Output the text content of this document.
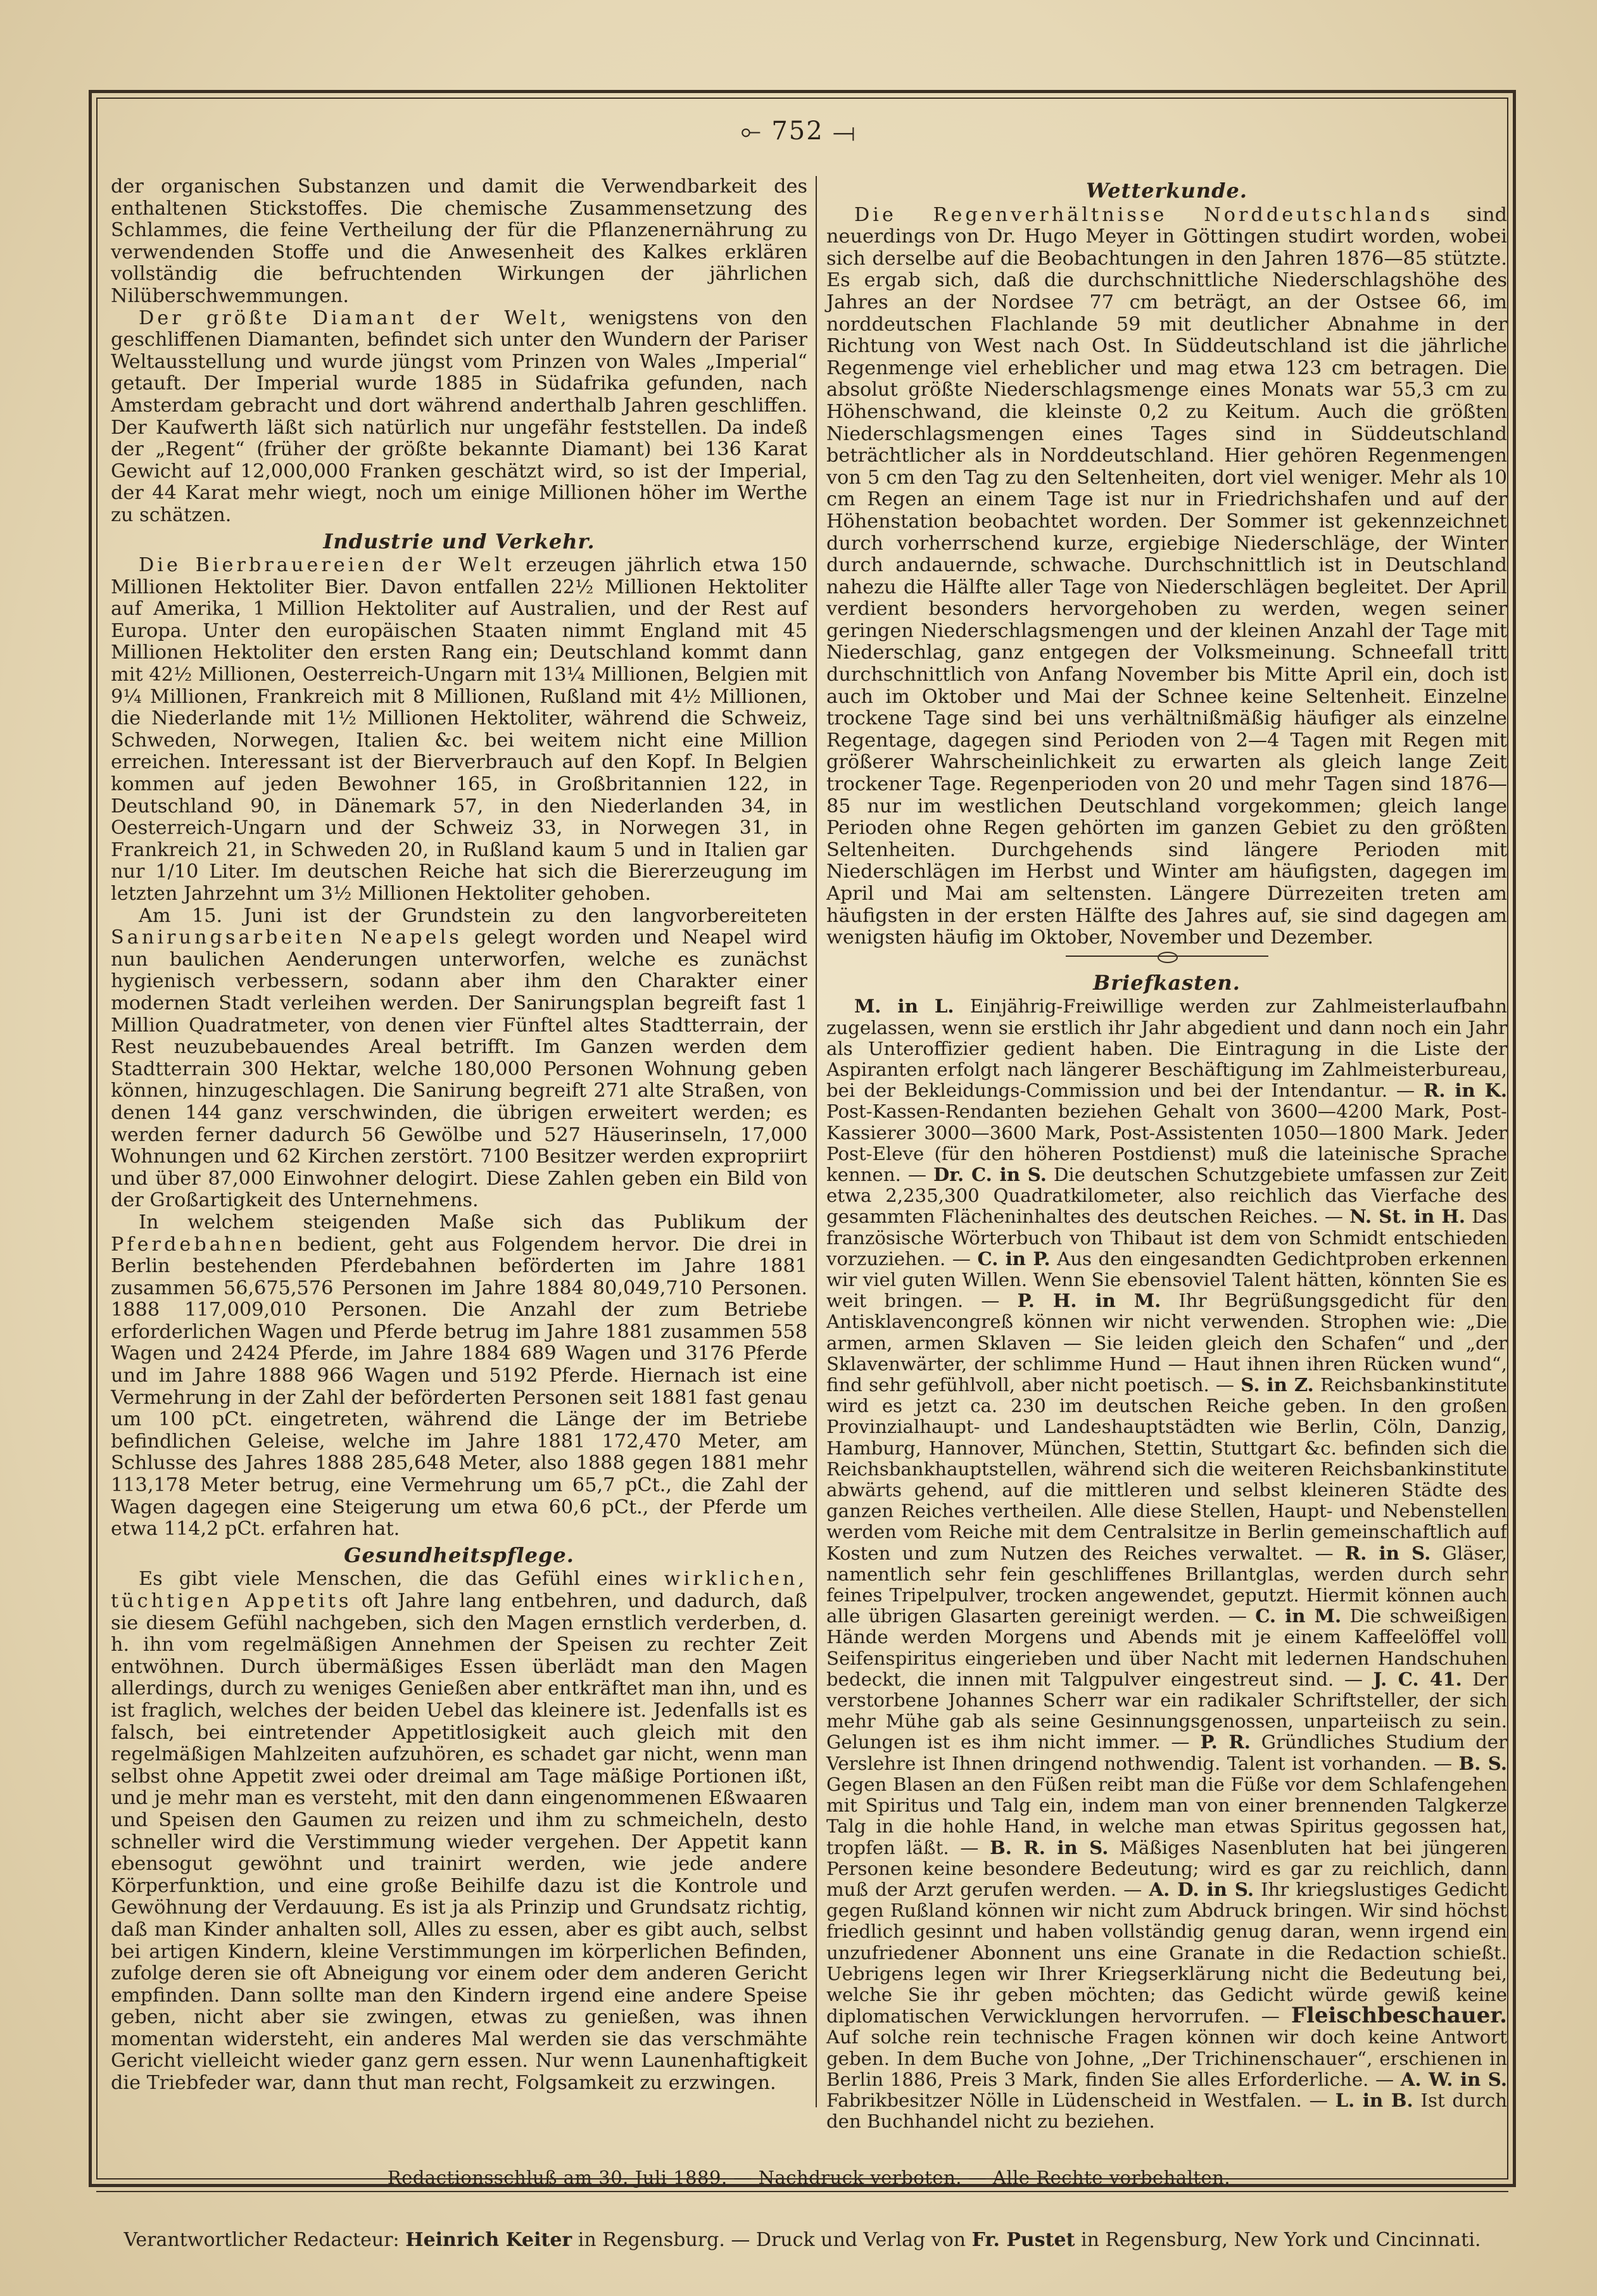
⟜ 752 ⟞

der organischen Substanzen und damit die Verwendbarkeit des enthaltenen Stickstoffes. Die chemische Zusammensetzung des Schlammes, die feine Vertheilung der für die Pflanzenernährung zu verwendenden Stoffe und die Anwesenheit des Kalkes erklären vollständig die befruchtenden Wirkungen der jährlichen Nilüberschwemmungen.

Der größte Diamant der Welt, wenigstens von den geschliffenen Diamanten, befindet sich unter den Wundern der Pariser Weltausstellung und wurde jüngst vom Prinzen von Wales „Imperial“ getauft. Der Imperial wurde 1885 in Südafrika gefunden, nach Amsterdam gebracht und dort während anderthalb Jahren geschliffen. Der Kaufwerth läßt sich natürlich nur ungefähr feststellen. Da indeß der „Regent“ (früher der größte bekannte Diamant) bei 136 Karat Gewicht auf 12,000,000 Franken geschätzt wird, so ist der Imperial, der 44 Karat mehr wiegt, noch um einige Millionen höher im Werthe zu schätzen.

Industrie und Verkehr.

Die Bierbrauereien der Welt erzeugen jährlich etwa 150 Millionen Hektoliter Bier. Davon entfallen 22½ Millionen Hektoliter auf Amerika, 1 Million Hektoliter auf Australien, und der Rest auf Europa. Unter den europäischen Staaten nimmt England mit 45 Millionen Hektoliter den ersten Rang ein; Deutschland kommt dann mit 42½ Millionen, Oesterreich-Ungarn mit 13¼ Millionen, Belgien mit 9¼ Millionen, Frankreich mit 8 Millionen, Rußland mit 4½ Millionen, die Niederlande mit 1½ Millionen Hektoliter, während die Schweiz, Schweden, Norwegen, Italien &c. bei weitem nicht eine Million erreichen. Interessant ist der Bierverbrauch auf den Kopf. In Belgien kommen auf jeden Bewohner 165, in Großbritannien 122, in Deutschland 90, in Dänemark 57, in den Niederlanden 34, in Oesterreich-Ungarn und der Schweiz 33, in Norwegen 31, in Frankreich 21, in Schweden 20, in Rußland kaum 5 und in Italien gar nur 1/10 Liter. Im deutschen Reiche hat sich die Biererzeugung im letzten Jahrzehnt um 3½ Millionen Hektoliter gehoben.

Am 15. Juni ist der Grundstein zu den langvorbereiteten Sanirungsarbeiten Neapels gelegt worden und Neapel wird nun baulichen Aenderungen unterworfen, welche es zunächst hygienisch verbessern, sodann aber ihm den Charakter einer modernen Stadt verleihen werden. Der Sanirungsplan begreift fast 1 Million Quadratmeter, von denen vier Fünftel altes Stadtterrain, der Rest neuzubebauendes Areal betrifft. Im Ganzen werden dem Stadtterrain 300 Hektar, welche 180,000 Personen Wohnung geben können, hinzugeschlagen. Die Sanirung begreift 271 alte Straßen, von denen 144 ganz verschwinden, die übrigen erweitert werden; es werden ferner dadurch 56 Gewölbe und 527 Häuserinseln, 17,000 Wohnungen und 62 Kirchen zerstört. 7100 Besitzer werden expropriirt und über 87,000 Einwohner delogirt. Diese Zahlen geben ein Bild von der Großartigkeit des Unternehmens.

In welchem steigenden Maße sich das Publikum der Pferdebahnen bedient, geht aus Folgendem hervor. Die drei in Berlin bestehenden Pferdebahnen beförderten im Jahre 1881 zusammen 56,675,576 Personen im Jahre 1884 80,049,710 Personen. 1888 117,009,010 Personen. Die Anzahl der zum Betriebe erforderlichen Wagen und Pferde betrug im Jahre 1881 zusammen 558 Wagen und 2424 Pferde, im Jahre 1884 689 Wagen und 3176 Pferde und im Jahre 1888 966 Wagen und 5192 Pferde. Hiernach ist eine Vermehrung in der Zahl der beförderten Personen seit 1881 fast genau um 100 pCt. eingetreten, während die Länge der im Betriebe befindlichen Geleise, welche im Jahre 1881 172,470 Meter, am Schlusse des Jahres 1888 285,648 Meter, also 1888 gegen 1881 mehr 113,178 Meter betrug, eine Vermehrung um 65,7 pCt., die Zahl der Wagen dagegen eine Steigerung um etwa 60,6 pCt., der Pferde um etwa 114,2 pCt. erfahren hat.

Gesundheitspflege.

Es gibt viele Menschen, die das Gefühl eines wirklichen, tüchtigen Appetits oft Jahre lang entbehren, und dadurch, daß sie diesem Gefühl nachgeben, sich den Magen ernstlich verderben, d. h. ihn vom regelmäßigen Annehmen der Speisen zu rechter Zeit entwöhnen. Durch übermäßiges Essen überlädt man den Magen allerdings, durch zu weniges Genießen aber entkräftet man ihn, und es ist fraglich, welches der beiden Uebel das kleinere ist. Jedenfalls ist es falsch, bei eintretender Appetitlosigkeit auch gleich mit den regelmäßigen Mahlzeiten aufzuhören, es schadet gar nicht, wenn man selbst ohne Appetit zwei oder dreimal am Tage mäßige Portionen ißt, und je mehr man es versteht, mit den dann eingenommenen Eßwaaren und Speisen den Gaumen zu reizen und ihm zu schmeicheln, desto schneller wird die Verstimmung wieder vergehen. Der Appetit kann ebensogut gewöhnt und trainirt werden, wie jede andere Körperfunktion, und eine große Beihilfe dazu ist die Kontrole und Gewöhnung der Verdauung. Es ist ja als Prinzip und Grundsatz richtig, daß man Kinder anhalten soll, Alles zu essen, aber es gibt auch, selbst bei artigen Kindern, kleine Verstimmungen im körperlichen Befinden, zufolge deren sie oft Abneigung vor einem oder dem anderen Gericht empfinden. Dann sollte man den Kindern irgend eine andere Speise geben, nicht aber sie zwingen, etwas zu genießen, was ihnen momentan widersteht, ein anderes Mal werden sie das verschmähte Gericht vielleicht wieder ganz gern essen. Nur wenn Launenhaftigkeit die Triebfeder war, dann thut man recht, Folgsamkeit zu erzwingen.

Wetterkunde.

Die Regenverhältnisse Norddeutschlands sind neuerdings von Dr. Hugo Meyer in Göttingen studirt worden, wobei sich derselbe auf die Beobachtungen in den Jahren 1876—85 stützte. Es ergab sich, daß die durchschnittliche Niederschlagshöhe des Jahres an der Nordsee 77 cm beträgt, an der Ostsee 66, im norddeutschen Flachlande 59 mit deutlicher Abnahme in der Richtung von West nach Ost. In Süddeutschland ist die jährliche Regenmenge viel erheblicher und mag etwa 123 cm betragen. Die absolut größte Niederschlagsmenge eines Monats war 55,3 cm zu Höhenschwand, die kleinste 0,2 zu Keitum. Auch die größten Niederschlagsmengen eines Tages sind in Süddeutschland beträchtlicher als in Norddeutschland. Hier gehören Regenmengen von 5 cm den Tag zu den Seltenheiten, dort viel weniger. Mehr als 10 cm Regen an einem Tage ist nur in Friedrichshafen und auf der Höhenstation beobachtet worden. Der Sommer ist gekennzeichnet durch vorherrschend kurze, ergiebige Niederschläge, der Winter durch andauernde, schwache. Durchschnittlich ist in Deutschland nahezu die Hälfte aller Tage von Niederschlägen begleitet. Der April verdient besonders hervorgehoben zu werden, wegen seiner geringen Niederschlagsmengen und der kleinen Anzahl der Tage mit Niederschlag, ganz entgegen der Volksmeinung. Schneefall tritt durchschnittlich von Anfang November bis Mitte April ein, doch ist auch im Oktober und Mai der Schnee keine Seltenheit. Einzelne trockene Tage sind bei uns verhältnißmäßig häufiger als einzelne Regentage, dagegen sind Perioden von 2—4 Tagen mit Regen mit größerer Wahrscheinlichkeit zu erwarten als gleich lange Zeit trockener Tage. Regenperioden von 20 und mehr Tagen sind 1876—85 nur im westlichen Deutschland vorgekommen; gleich lange Perioden ohne Regen gehörten im ganzen Gebiet zu den größten Seltenheiten. Durchgehends sind längere Perioden mit Niederschlägen im Herbst und Winter am häufigsten, dagegen im April und Mai am seltensten. Längere Dürrezeiten treten am häufigsten in der ersten Hälfte des Jahres auf, sie sind dagegen am wenigsten häufig im Oktober, November und Dezember.

Briefkasten.

M. in L. Einjährig-Freiwillige werden zur Zahlmeisterlaufbahn zugelassen, wenn sie erstlich ihr Jahr abgedient und dann noch ein Jahr als Unteroffizier gedient haben. Die Eintragung in die Liste der Aspiranten erfolgt nach längerer Beschäftigung im Zahlmeisterbureau, bei der Bekleidungs-Commission und bei der Intendantur. — R. in K. Post-Kassen-Rendanten beziehen Gehalt von 3600—4200 Mark, Post-Kassierer 3000—3600 Mark, Post-Assistenten 1050—1800 Mark. Jeder Post-Eleve (für den höheren Postdienst) muß die lateinische Sprache kennen. — Dr. C. in S. Die deutschen Schutzgebiete umfassen zur Zeit etwa 2,235,300 Quadratkilometer, also reichlich das Vierfache des gesammten Flächeninhaltes des deutschen Reiches. — N. St. in H. Das französische Wörterbuch von Thibaut ist dem von Schmidt entschieden vorzuziehen. — C. in P. Aus den eingesandten Gedichtproben erkennen wir viel guten Willen. Wenn Sie ebensoviel Talent hätten, könnten Sie es weit bringen. — P. H. in M. Ihr Begrüßungsgedicht für den Antisklavencongreß können wir nicht verwenden. Strophen wie: „Die armen, armen Sklaven — Sie leiden gleich den Schafen“ und „der Sklavenwärter, der schlimme Hund — Haut ihnen ihren Rücken wund“, find sehr gefühlvoll, aber nicht poetisch. — S. in Z. Reichsbankinstitute wird es jetzt ca. 230 im deutschen Reiche geben. In den großen Provinzialhaupt- und Landeshauptstädten wie Berlin, Cöln, Danzig, Hamburg, Hannover, München, Stettin, Stuttgart &c. befinden sich die Reichsbankhauptstellen, während sich die weiteren Reichsbankinstitute abwärts gehend, auf die mittleren und selbst kleineren Städte des ganzen Reiches vertheilen. Alle diese Stellen, Haupt- und Nebenstellen werden vom Reiche mit dem Centralsitze in Berlin gemeinschaftlich auf Kosten und zum Nutzen des Reiches verwaltet. — R. in S. Gläser, namentlich sehr fein geschliffenes Brillantglas, werden durch sehr feines Tripelpulver, trocken angewendet, geputzt. Hiermit können auch alle übrigen Glasarten gereinigt werden. — C. in M. Die schweißigen Hände werden Morgens und Abends mit je einem Kaffeelöffel voll Seifenspiritus eingerieben und über Nacht mit ledernen Handschuhen bedeckt, die innen mit Talgpulver eingestreut sind. — J. C. 41. Der verstorbene Johannes Scherr war ein radikaler Schriftsteller, der sich mehr Mühe gab als seine Gesinnungsgenossen, unparteiisch zu sein. Gelungen ist es ihm nicht immer. — P. R. Gründliches Studium der Verslehre ist Ihnen dringend nothwendig. Talent ist vorhanden. — B. S. Gegen Blasen an den Füßen reibt man die Füße vor dem Schlafengehen mit Spiritus und Talg ein, indem man von einer brennenden Talgkerze Talg in die hohle Hand, in welche man etwas Spiritus gegossen hat, tropfen läßt. — B. R. in S. Mäßiges Nasenbluten hat bei jüngeren Personen keine besondere Bedeutung; wird es gar zu reichlich, dann muß der Arzt gerufen werden. — A. D. in S. Ihr kriegslustiges Gedicht gegen Rußland können wir nicht zum Abdruck bringen. Wir sind höchst friedlich gesinnt und haben vollständig genug daran, wenn irgend ein unzufriedener Abonnent uns eine Granate in die Redaction schießt. Uebrigens legen wir Ihrer Kriegserklärung nicht die Bedeutung bei, welche Sie ihr geben möchten; das Gedicht würde gewiß keine diplomatischen Verwicklungen hervorrufen. — Fleischbeschauer. Auf solche rein technische Fragen können wir doch keine Antwort geben. In dem Buche von Johne, „Der Trichinenschauer“, erschienen in Berlin 1886, Preis 3 Mark, finden Sie alles Erforderliche. — A. W. in S. Fabrikbesitzer Nölle in Lüdenscheid in Westfalen. — L. in B. Ist durch den Buchhandel nicht zu beziehen.

Redactionsschluß am 30. Juli 1889. — Nachdruck verboten. — Alle Rechte vorbehalten.
Verantwortlicher Redacteur: Heinrich Keiter in Regensburg. — Druck und Verlag von Fr. Pustet in Regensburg, New York und Cincinnati.
